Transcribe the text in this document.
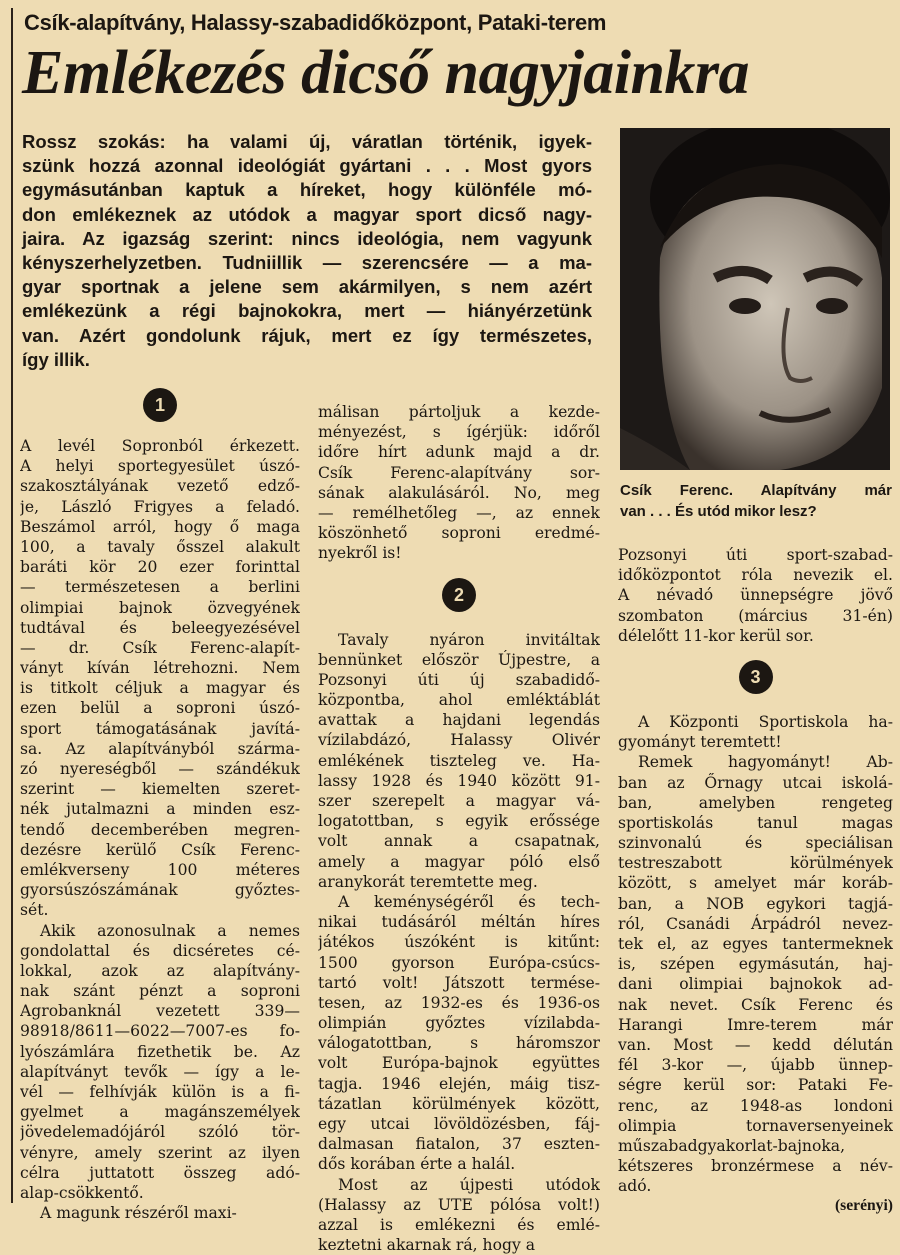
Csík-alapítvány, Halassy-szabadidőközpont, Pataki-terem
Emlékezés dicső nagyjainkra
Rossz szokás: ha valami új, váratlan történik, igyek-
szünk hozzá azonnal ideológiát gyártani . . . Most gyors
egymásutánban kaptuk a híreket, hogy különféle mó-
don emlékeznek az utódok a magyar sport dicső nagy-
jaira. Az igazság szerint: nincs ideológia, nem vagyunk
kényszerhelyzetben. Tudniillik — szerencsére — a ma-
gyar sportnak a jelene sem akármilyen, s nem azért
emlékezünk a régi bajnokokra, mert — hiányérzetünk
van. Azért gondolunk rájuk, mert ez így természetes,
így illik.
Csík Ferenc. Alapítvány már
van . . . És utód mikor lesz?
1
A levél Sopronból érkezett.
A helyi sportegyesület úszó-
szakosztályának vezető edző-
je, László Frigyes a feladó.
Beszámol arról, hogy ő maga
100, a tavaly ősszel alakult
baráti kör 20 ezer forinttal
— természetesen a berlini
olimpiai bajnok özvegyének
tudtával és beleegyezésével
— dr. Csík Ferenc-alapít-
ványt kíván létrehozni. Nem
is titkolt céljuk a magyar és
ezen belül a soproni úszó-
sport támogatásának javítá-
sa. Az alapítványból szárma-
zó nyereségből — szándékuk
szerint — kiemelten szeret-
nék jutalmazni a minden esz-
tendő decemberében megren-
dezésre kerülő Csík Ferenc-
emlékverseny 100 méteres
gyorsúszószámának győztes-
sét.
Akik azonosulnak a nemes
gondolattal és dicséretes cé-
lokkal, azok az alapítvány-
nak szánt pénzt a soproni
Agrobanknál vezetett 339—
98918/8611—6022—7007-es fo-
lyószámlára fizethetik be. Az
alapítványt tevők — így a le-
vél — felhívják külön is a fi-
gyelmet a magánszemélyek
jövedelemadójáról szóló tör-
vényre, amely szerint az ilyen
célra juttatott összeg adó-
alap-csökkentő.
A magunk részéről maxi-
málisan pártoljuk a kezde-
ményezést, s ígérjük: időről
időre hírt adunk majd a dr.
Csík Ferenc-alapítvány sor-
sának alakulásáról. No, meg
— remélhetőleg —, az ennek
köszönhető soproni eredmé-
nyekről is!
2
Tavaly nyáron invitáltak
bennünket először Újpestre, a
Pozsonyi úti új szabadidő-
központba, ahol emléktáblát
avattak a hajdani legendás
vízilabdázó, Halassy Olivér
emlékének tiszteleg ve. Ha-
lassy 1928 és 1940 között 91-
szer szerepelt a magyar vá-
logatottban, s egyik erőssége
volt annak a csapatnak,
amely a magyar póló első
aranykorát teremtette meg.
A keménységéről és tech-
nikai tudásáról méltán híres
játékos úszóként is kitűnt:
1500 gyorson Európa-csúcs-
tartó volt! Játszott termése-
tesen, az 1932-es és 1936-os
olimpián győztes vízilabda-
válogatottban, s háromszor
volt Európa-bajnok együttes
tagja. 1946 elején, máig tisz-
tázatlan körülmények között,
egy utcai lövöldözésben, fáj-
dalmasan fiatalon, 37 eszten-
dős korában érte a halál.
Most az újpesti utódok
(Halassy az UTE pólósa volt!)
azzal is emlékezni és emlé-
keztetni akarnak rá, hogy a
Pozsonyi úti sport-szabad-
időközpontot róla nevezik el.
A névadó ünnepségre jövő
szombaton (március 31-én)
délelőtt 11-kor kerül sor.
3
A Központi Sportiskola ha-
gyományt teremtett!
Remek hagyományt! Ab-
ban az Őrnagy utcai iskolá-
ban, amelyben rengeteg
sportiskolás tanul magas
szinvonalú és speciálisan
testreszabott körülmények
között, s amelyet már koráb-
ban, a NOB egykori tagjá-
ról, Csanádi Árpádról nevez-
tek el, az egyes tantermeknek
is, szépen egymásután, haj-
dani olimpiai bajnokok ad-
nak nevet. Csík Ferenc és
Harangi Imre-terem már
van. Most — kedd délután
fél 3-kor —, újabb ünnep-
ségre kerül sor: Pataki Fe-
renc, az 1948-as londoni
olimpia tornaversenyeinek
műszabadgyakorlat-bajnoka,
kétszeres bronzérmese a név-
adó.
(serényi)
